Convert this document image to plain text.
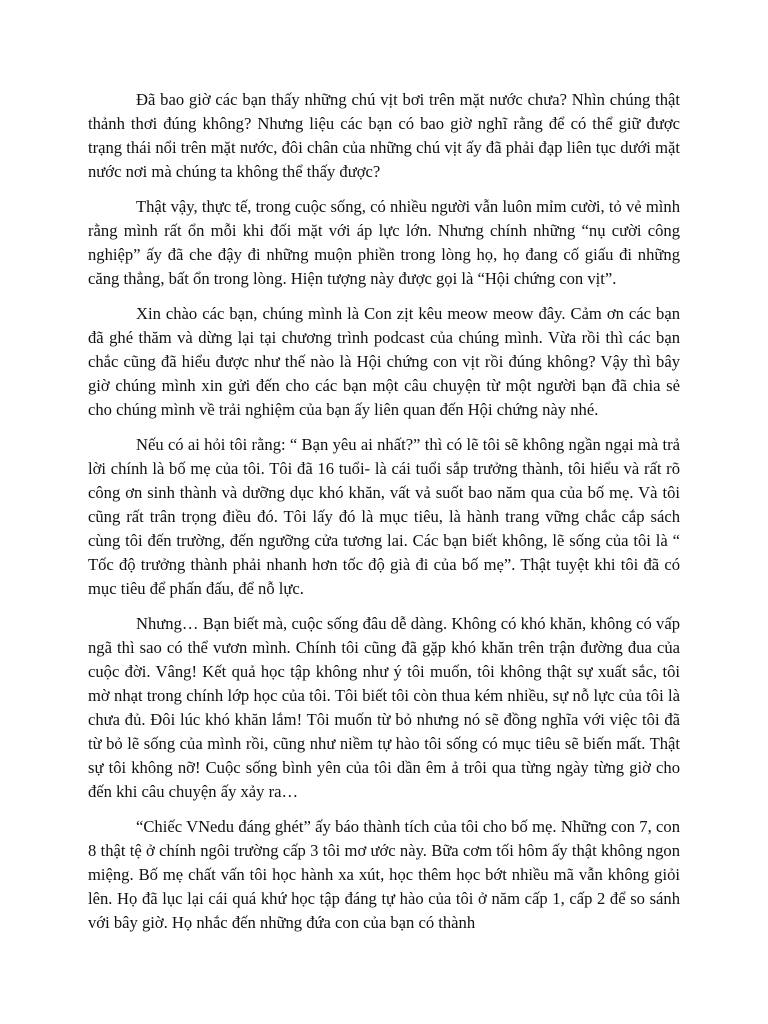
Đã bao giờ các bạn thấy những chú vịt bơi trên mặt nước chưa? Nhìn chúng thật thảnh thơi đúng không? Nhưng liệu các bạn có bao giờ nghĩ rằng để có thể giữ được trạng thái nổi trên mặt nước, đôi chân của những chú vịt ấy đã phải đạp liên tục dưới mặt nước nơi mà chúng ta không thể thấy được?

Thật vậy, thực tế, trong cuộc sống, có nhiều người vẫn luôn mỉm cười, tỏ vẻ mình rằng mình rất ổn mỗi khi đối mặt với áp lực lớn. Nhưng chính những “nụ cười công nghiệp” ấy đã che đậy đi những muộn phiền trong lòng họ, họ đang cố giấu đi những căng thẳng, bất ổn trong lòng. Hiện tượng này được gọi là “Hội chứng con vịt”.

Xin chào các bạn, chúng mình là Con zịt kêu meow meow đây. Cảm ơn các bạn đã ghé thăm và dừng lại tại chương trình podcast của chúng mình. Vừa rồi thì các bạn chắc cũng đã hiểu được như thế nào là Hội chứng con vịt rồi đúng không? Vậy thì bây giờ chúng mình xin gửi đến cho các bạn một câu chuyện từ một người bạn đã chia sẻ cho chúng mình về trải nghiệm của bạn ấy liên quan đến Hội chứng này nhé.

Nếu có ai hỏi tôi rằng: “ Bạn yêu ai nhất?” thì có lẽ tôi sẽ không ngần ngại mà trả lời chính là bố mẹ của tôi. Tôi đã 16 tuổi- là cái tuổi sắp trưởng thành, tôi hiểu và rất rõ công ơn sinh thành và dưỡng dục khó khăn, vất vả suốt bao năm qua của bố mẹ. Và tôi cũng rất trân trọng điều đó. Tôi lấy đó là mục tiêu, là hành trang vững chắc cắp sách cùng tôi đến trường, đến ngưỡng cửa tương lai. Các bạn biết không, lẽ sống của tôi là “ Tốc độ trưởng thành phải nhanh hơn tốc độ già đi của bố mẹ”. Thật tuyệt khi tôi đã có mục tiêu để phấn đấu, để nỗ lực.

Nhưng… Bạn biết mà, cuộc sống đâu dễ dàng. Không có khó khăn, không có vấp ngã thì sao có thể vươn mình. Chính tôi cũng đã gặp khó khăn trên trận đường đua của cuộc đời. Vâng! Kết quả học tập không như ý tôi muốn, tôi không thật sự xuất sắc, tôi mờ nhạt trong chính lớp học của tôi. Tôi biết tôi còn thua kém nhiều, sự nỗ lực của tôi là chưa đủ. Đôi lúc khó khăn lắm! Tôi muốn từ bỏ nhưng nó sẽ đồng nghĩa với việc tôi đã từ bỏ lẽ sống của mình rồi, cũng như niềm tự hào tôi sống có mục tiêu sẽ biến mất. Thật sự tôi không nỡ! Cuộc sống bình yên của tôi dần êm ả trôi qua từng ngày từng giờ cho đến khi câu chuyện ấy xảy ra…

“Chiếc VNedu đáng ghét” ấy báo thành tích của tôi cho bố mẹ. Những con 7, con 8 thật tệ ở chính ngôi trường cấp 3 tôi mơ ước này. Bữa cơm tối hôm ấy thật không ngon miệng. Bố mẹ chất vấn tôi học hành xa xút, học thêm học bớt nhiều mã vẫn không giỏi lên. Họ đã lục lại cái quá khứ học tập đáng tự hào của tôi ở năm cấp 1, cấp 2 để so sánh với bây giờ. Họ nhắc đến những đứa con của bạn có thành
